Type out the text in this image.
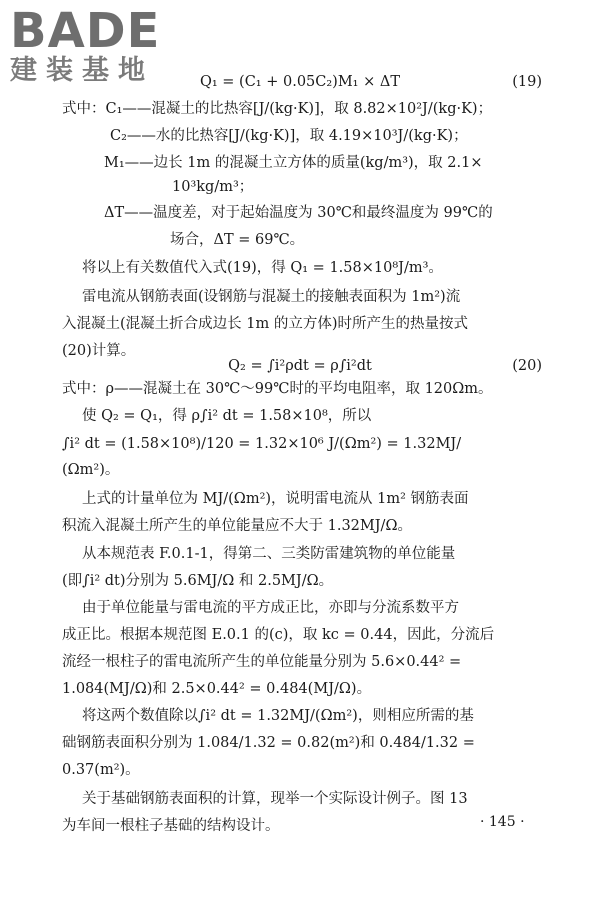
BADE
建装基地	Q₁ = (C₁ + 0.05C₂)M₁ × ΔT	(19)
式中：C₁——混凝土的比热容[J/(kg·K)]，取 8.82×10²J/(kg·K)；
C₂——水的比热容[J/(kg·K)]，取 4.19×10³J/(kg·K)；
M₁——边长 1m 的混凝土立方体的质量(kg/m³)，取 2.1×
10³kg/m³；
ΔT——温度差，对于起始温度为 30℃和最终温度为 99℃的
场合，ΔT = 69℃。
将以上有关数值代入式(19)，得 Q₁ = 1.58×10⁸J/m³。
雷电流从钢筋表面(设钢筋与混凝土的接触表面积为 1m²)流
入混凝土(混凝土折合成边长 1m 的立方体)时所产生的热量按式
(20)计算。
Q₂ = ∫i²ρdt = ρ∫i²dt	(20)
式中：ρ——混凝土在 30℃～99℃时的平均电阻率，取 120Ωm。
使 Q₂ = Q₁，得 ρ∫i² dt = 1.58×10⁸，所以
∫i² dt = (1.58×10⁸)/120 = 1.32×10⁶ J/(Ωm²) = 1.32MJ/
(Ωm²)。
上式的计量单位为 MJ/(Ωm²)，说明雷电流从 1m² 钢筋表面
积流入混凝土所产生的单位能量应不大于 1.32MJ/Ω。
从本规范表 F.0.1-1，得第二、三类防雷建筑物的单位能量
(即∫i² dt)分别为 5.6MJ/Ω 和 2.5MJ/Ω。
由于单位能量与雷电流的平方成正比，亦即与分流系数平方
成正比。根据本规范图 E.0.1 的(c)，取 kc = 0.44，因此，分流后
流经一根柱子的雷电流所产生的单位能量分别为 5.6×0.44² =
1.084(MJ/Ω)和 2.5×0.44² = 0.484(MJ/Ω)。
将这两个数值除以∫i² dt = 1.32MJ/(Ωm²)，则相应所需的基
础钢筋表面积分别为 1.084/1.32 = 0.82(m²)和 0.484/1.32 =
0.37(m²)。
关于基础钢筋表面积的计算，现举一个实际设计例子。图 13
为车间一根柱子基础的结构设计。	· 145 ·
